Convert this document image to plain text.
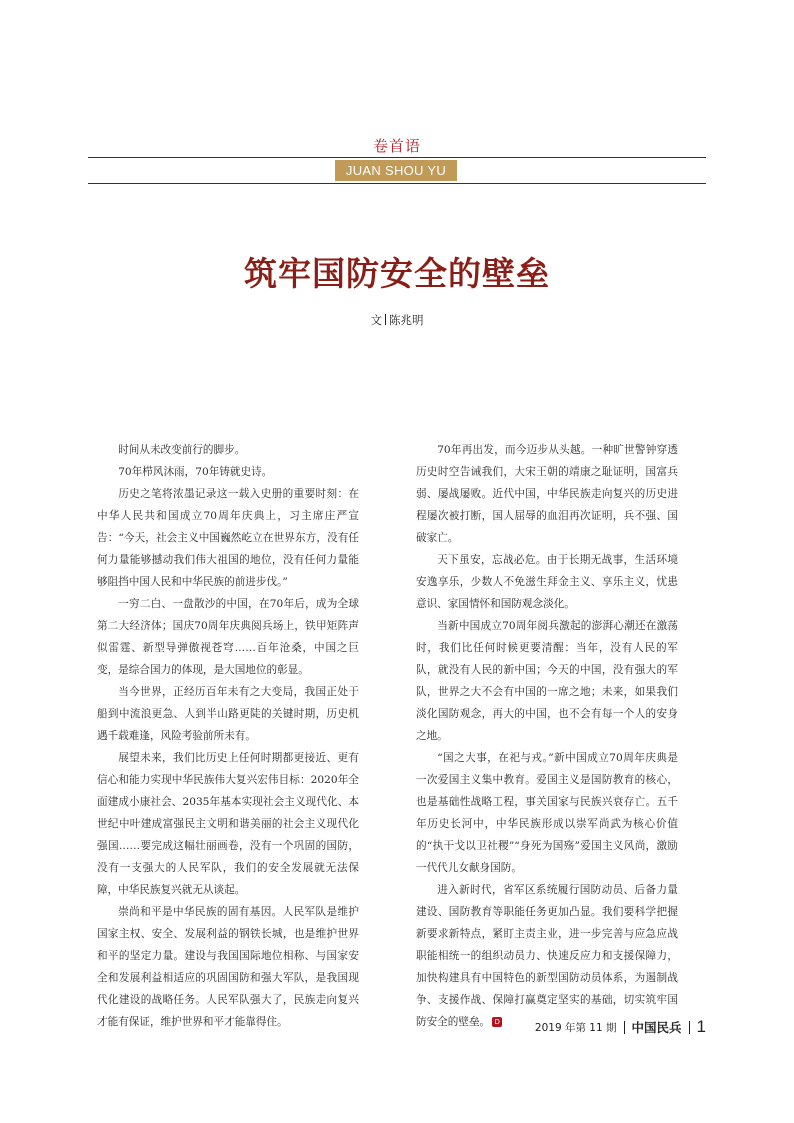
卷首语
JUAN SHOU YU
筑牢国防安全的壁垒
文 陈兆明

时间从未改变前行的脚步。

70年栉风沐雨，70年铸就史诗。

历史之笔将浓墨记录这一载入史册的重要时刻：在中华人民共和国成立70周年庆典上，习主席庄严宣告：“今天，社会主义中国巍然屹立在世界东方，没有任何力量能够撼动我们伟大祖国的地位，没有任何力量能够阻挡中国人民和中华民族的前进步伐。”

一穷二白、一盘散沙的中国，在70年后，成为全球第二大经济体；国庆70周年庆典阅兵场上，铁甲矩阵声似雷霆、新型导弹傲视苍穹……百年沧桑，中国之巨变，是综合国力的体现，是大国地位的彰显。

当今世界，正经历百年未有之大变局，我国正处于船到中流浪更急、人到半山路更陡的关键时期，历史机遇千载难逢，风险考验前所未有。

展望未来，我们比历史上任何时期都更接近、更有信心和能力实现中华民族伟大复兴宏伟目标：2020年全面建成小康社会、2035年基本实现社会主义现代化、本世纪中叶建成富强民主文明和谐美丽的社会主义现代化强国……要完成这幅壮丽画卷，没有一个巩固的国防，没有一支强大的人民军队，我们的安全发展就无法保障，中华民族复兴就无从谈起。

崇尚和平是中华民族的固有基因。人民军队是维护国家主权、安全、发展利益的钢铁长城，也是维护世界和平的坚定力量。建设与我国国际地位相称、与国家安全和发展利益相适应的巩固国防和强大军队，是我国现代化建设的战略任务。人民军队强大了，民族走向复兴才能有保证，维护世界和平才能靠得住。

70年再出发，而今迈步从头越。一种旷世警钟穿透历史时空告诫我们，大宋王朝的靖康之耻证明，国富兵弱、屡战屡败。近代中国，中华民族走向复兴的历史进程屡次被打断，国人屈辱的血泪再次证明，兵不强、国破家亡。

天下虽安，忘战必危。由于长期无战事，生活环境安逸享乐，少数人不免滋生拜金主义、享乐主义，忧患意识、家国情怀和国防观念淡化。

当新中国成立70周年阅兵激起的澎湃心潮还在激荡时，我们比任何时候更要清醒：当年，没有人民的军队，就没有人民的新中国；今天的中国，没有强大的军队，世界之大不会有中国的一席之地；未来，如果我们淡化国防观念，再大的中国，也不会有每一个人的安身之地。

“国之大事，在祀与戎。”新中国成立70周年庆典是一次爱国主义集中教育。爱国主义是国防教育的核心，也是基础性战略工程，事关国家与民族兴衰存亡。五千年历史长河中，中华民族形成以崇军尚武为核心价值的“执干戈以卫社稷”“身死为国殇”爱国主义风尚，激励一代代儿女献身国防。

进入新时代，省军区系统履行国防动员、后备力量建设、国防教育等职能任务更加凸显。我们要科学把握新要求新特点，紧盯主责主业，进一步完善与应急应战职能相统一的组织动员力、快速反应力和支援保障力，加快构建具有中国特色的新型国防动员体系，为遏制战争、支援作战、保障打赢奠定坚实的基础，切实筑牢国防安全的壁垒。 D	2019 年第 11 期 中国民兵 1
